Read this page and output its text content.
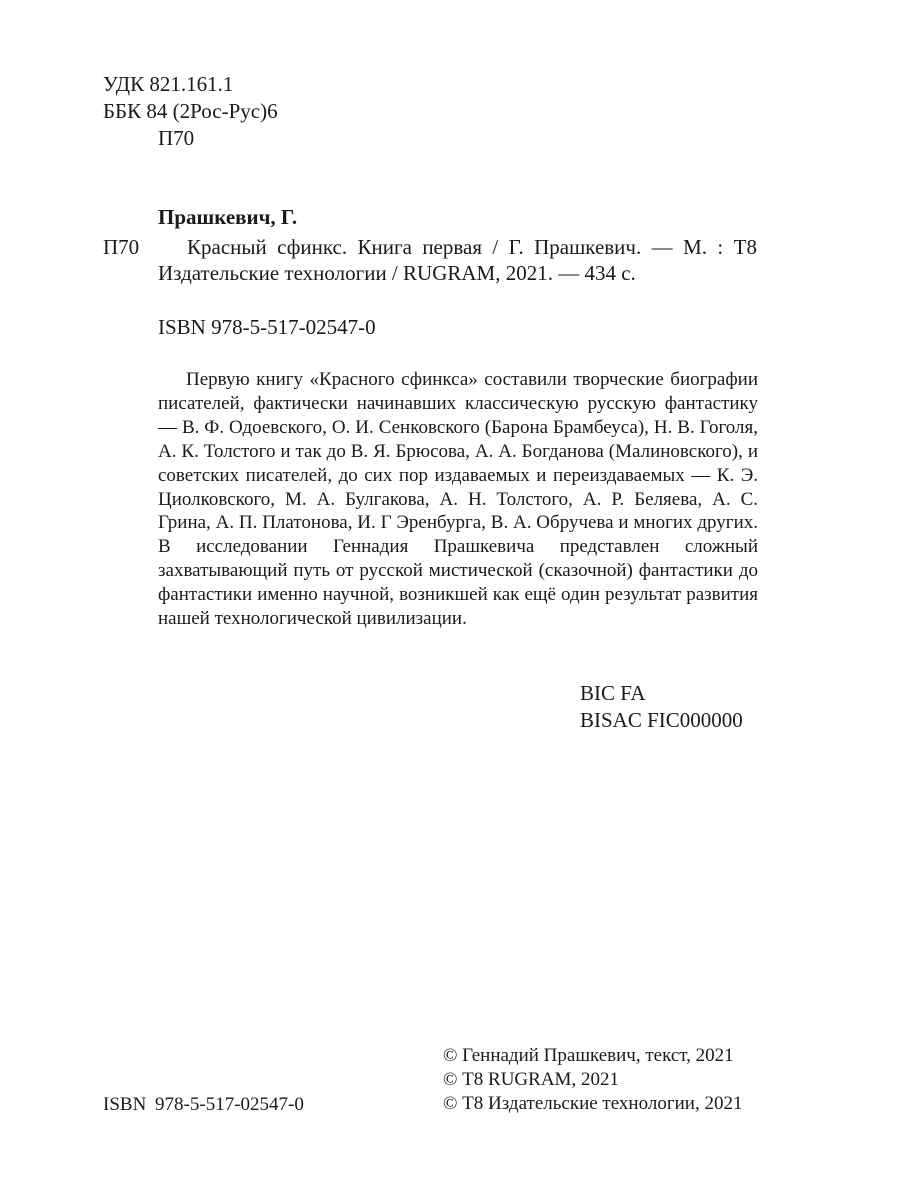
УДК 821.161.1
ББК 84 (2Рос-Рус)6
П70
Прашкевич, Г.
П70 Красный сфинкс. Книга первая / Г. Прашкевич. — М. : Т8
Издательские технологии / RUGRAM, 2021. — 434 с.
ISBN 978-5-517-02547-0
Первую книгу «Красного сфинкса» составили творческие биографии писателей, фактически начинавших классическую русскую фантастику — В. Ф. Одоевского, О. И. Сенковского (Барона Брамбеуса), Н. В. Гоголя, А. К. Толстого и так до В. Я. Брюсова, А. А. Богданова (Малиновского), и советских писателей, до сих пор издаваемых и переиздаваемых — К. Э. Циолковского, М. А. Булгакова, А. Н. Толстого, А. Р. Беляева, А. С. Грина, А. П. Платонова, И. Г Эренбурга, В. А. Обручева и многих других. В исследовании Геннадия Прашкевича представлен сложный захватывающий путь от русской мистической (сказочной) фантастики до фантастики именно научной, возникшей как ещё один результат развития нашей технологической цивилизации.
BIC FA
BISAC FIC000000
ISBN 978-5-517-02547-0
© Геннадий Прашкевич, текст, 2021
© Т8 RUGRAM, 2021
© Т8 Издательские технологии, 2021
